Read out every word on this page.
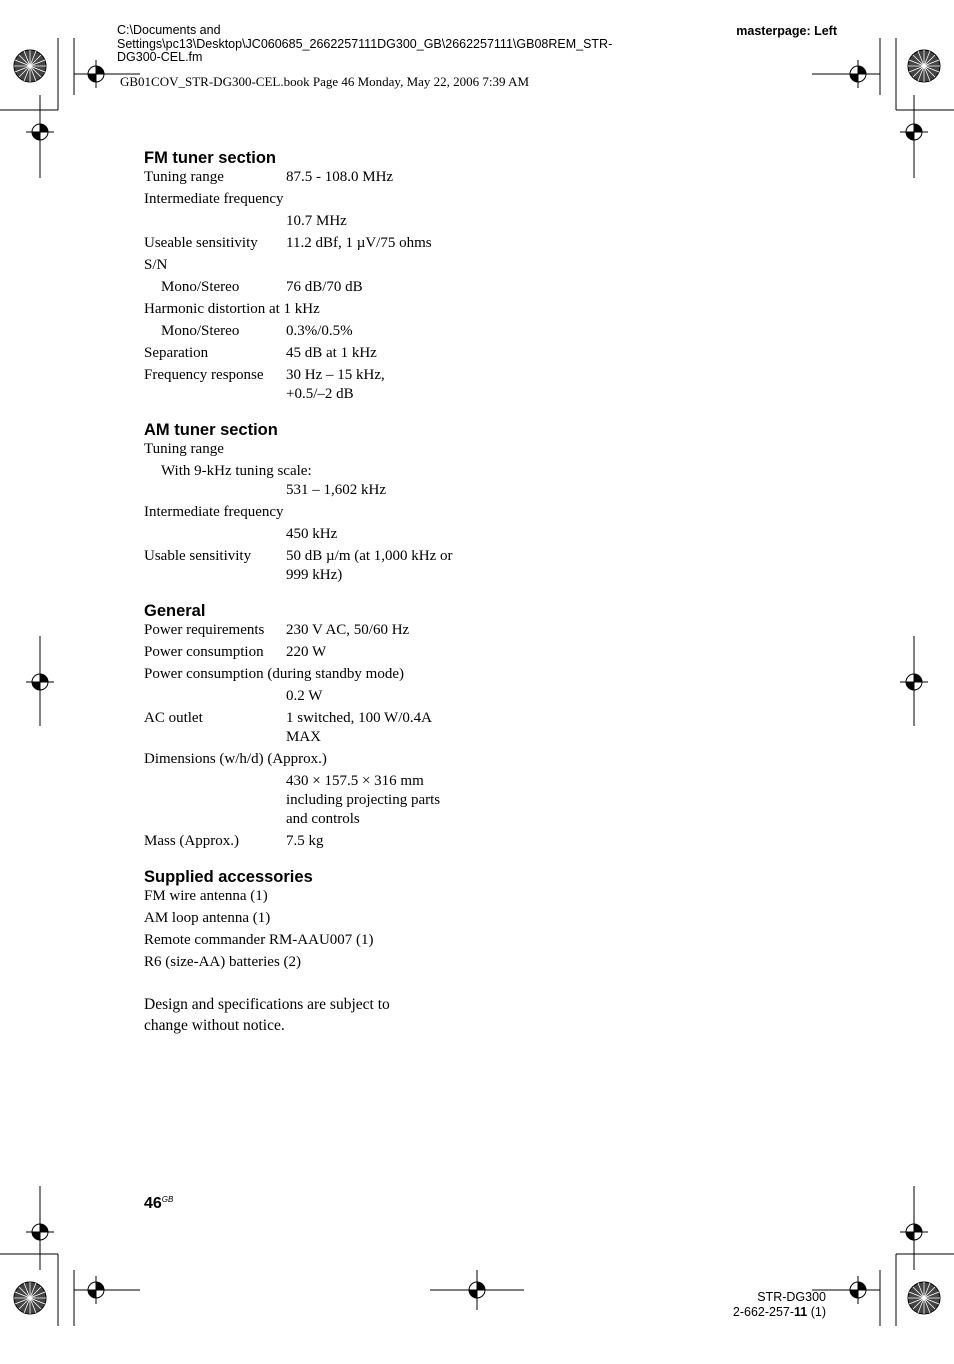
C:\Documents and
Settings\pc13\Desktop\JC060685_2662257111DG300_GB\2662257111\GB08REM_STR-
DG300-CEL.fm
masterpage: Left
GB01COV_STR-DG300-CEL.book Page 46 Monday, May 22, 2006 7:39 AM
FM tuner section
Tuning range	87.5 - 108.0 MHz
Intermediate frequency
10.7 MHz
Useable sensitivity	11.2 dBf, 1 µV/75 ohms
S/N
Mono/Stereo	76 dB/70 dB
Harmonic distortion at 1 kHz
Mono/Stereo	0.3%/0.5%
Separation	45 dB at 1 kHz
Frequency response	30 Hz – 15 kHz,
+0.5/–2 dB
AM tuner section
Tuning range
With 9-kHz tuning scale:
531 – 1,602 kHz
Intermediate frequency
450 kHz
Usable sensitivity	50 dB µ/m (at 1,000 kHz or
999 kHz)
General
Power requirements	230 V AC, 50/60 Hz
Power consumption	220 W
Power consumption (during standby mode)
0.2 W
AC outlet	1 switched, 100 W/0.4A
MAX
Dimensions (w/h/d) (Approx.)
430 × 157.5 × 316 mm
including projecting parts
and controls
Mass (Approx.)	7.5 kg
Supplied accessories
FM wire antenna (1)
AM loop antenna (1)
Remote commander RM-AAU007 (1)
R6 (size-AA) batteries (2)
Design and specifications are subject to
change without notice.
$46^{GB}$
STR-DG300
2-662-257-11 (1)
